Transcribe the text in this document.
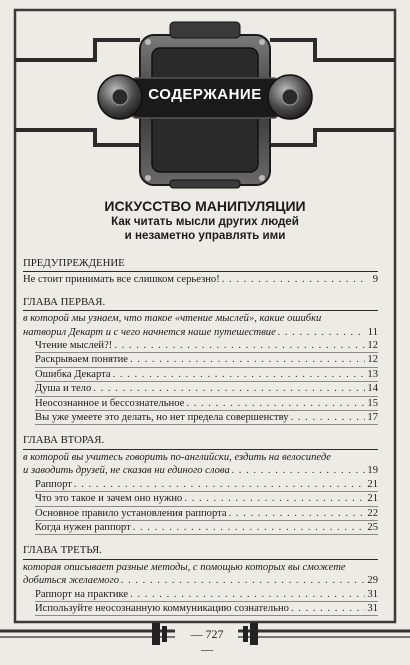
СОДЕРЖАНИЕ
ИСКУССТВО МАНИПУЛЯЦИИ
Как читать мысли других людей
и незаметно управлять ими
ПРЕДУПРЕЖДЕНИЕ
Не стоит принимать все слишком серьезно! . . .	9
ГЛАВА ПЕРВАЯ.
в которой мы узнаем, что такое «чтение мыслей», какие ошибки
натворил Декарт и с чего начнется наше путешествие . . .	11
Чтение мыслей?! . . .	12
Раскрываем понятие . . .	12
Ошибка Декарта . . .	13
Душа и тело . . .	14
Неосознанное и бессознательное . . .	15
Вы уже умеете это делать, но нет предела совершенству . . .	17
ГЛАВА ВТОРАЯ.
в которой вы учитесь говорить по-английски, ездить на велосипеде
и заводить друзей, не сказав ни единого слова . . .	19
Раппорт . . .	21
Что это такое и зачем оно нужно . . .	21
Основное правило установления раппорта . . .	22
Когда нужен раппорт . . .	25
ГЛАВА ТРЕТЬЯ.
которая описывает разные методы, с помощью которых вы сможете
добиться желаемого . . .	29
Раппорт на практике . . .	31
Используйте неосознанную коммуникацию сознательно . . .	31
— 727 —
